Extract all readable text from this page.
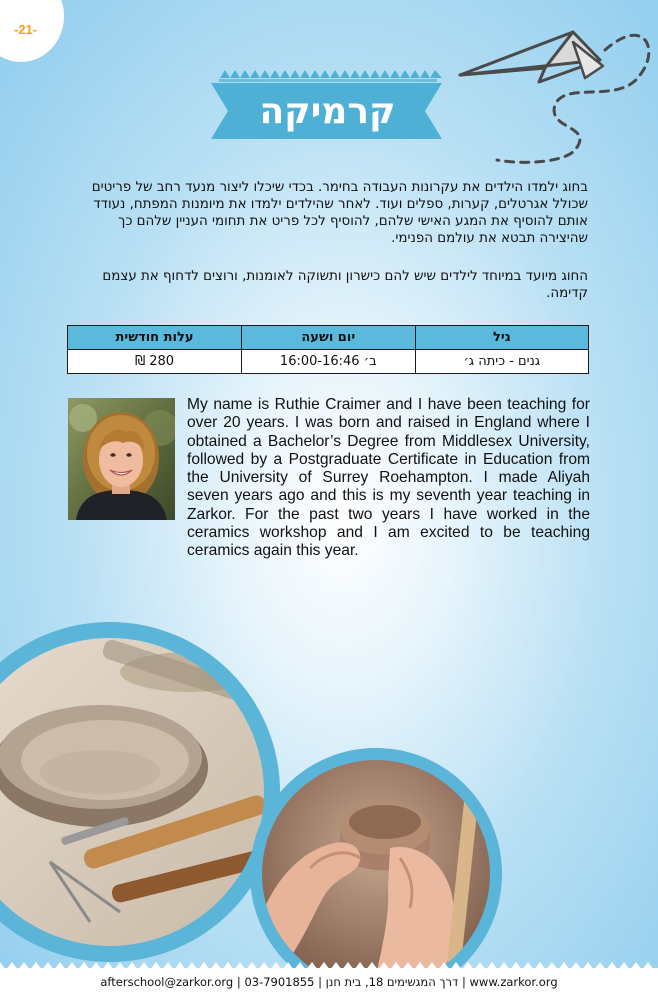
-21-
קרמיקה
בחוג ילמדו הילדים את עקרונות העבודה בחימר. בכדי שיכלו ליצור מנעד רחב של פריטים שכולל אגרטלים, קערות, ספלים ועוד. לאחר שהילדים ילמדו את מיומנות המפתח, נעודד אותם להוסיף את המגע האישי שלהם, להוסיף לכל פריט את תחומי העניין שלהם כך שהיצירה תבטא את עולמם הפנימי.
החוג מיועד במיוחד לילדים שיש להם כישרון ותשוקה לאומנות, ורוצים לדחוף את עצמם קדימה.
גיל	יום ושעה	עלות חודשית
גנים - כיתה ג׳	ב׳ 16:00-16:46	280 ₪
My name is Ruthie Craimer and I have been teaching for over 20 years. I was born and raised in England where I obtained a Bachelor’s Degree from Middlesex University, followed by a Postgraduate Certificate in Education from the University of Surrey Roehampton. I made Aliyah seven years ago and this is my seventh year teaching in Zarkor. For the past two years I have worked in the ceramics workshop and I am excited to be teaching ceramics again this year.
afterschool@zarkor.org | דרך המגשימים 18, בית חנן | 03-7901855 | www.zarkor.org
